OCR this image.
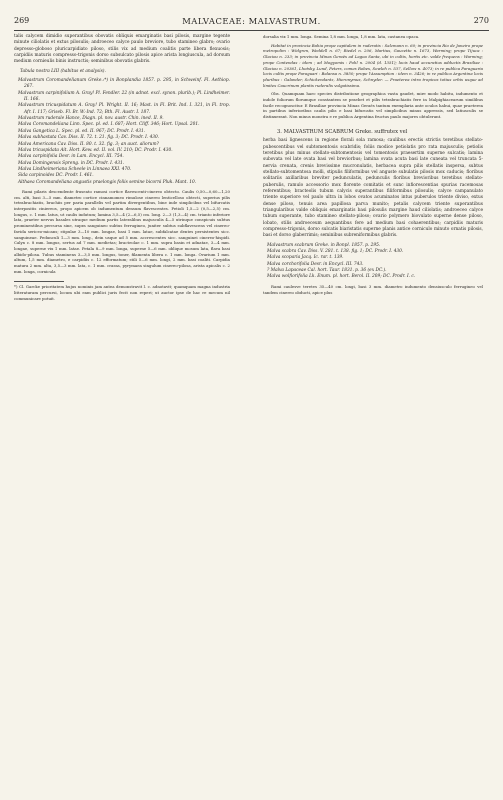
269	MALVACEAE: MALVASTRUM.	270

talis calycem dimidio superantibus obovatis obliquis emarginatis basi pilosis, margine tegente minute ciliolatis et extus pilosulis; androeceo calyce paulo breviore, tubo stamineo glabro; ovario depresso-globoso pluricarpidiato piloso, stilis vix ad medium coalitis parte libera flexuosis; carpidiis maturis compresso-trigonis dorso subsulcato pilosis apice arista longiuscula, ad dorsum medium cornieulis binis instructis; seminibus obovatis glabris.

Tabula nostra LIII (habitus et analysis).

Malvastrum Coromandelianum Greke.:*) in Bonplandia 1857. p. 295, in Schweinf. Fl. Aethiop. 267.

Malvastrum carpinifolium A. Gray! Pl. Fendler. 22 (in adnot. excl. synon. plurib.); Pl. Lindheimer. II. 166.

Malvastrum tricuspidatum A. Gray! Pl. Wright. II. 16; Mast. in Fl. Brit. Ind. I. 321, in Fl. trop. Afr. I. 117; Griseb. Fl. Br. W.-Ind. 72; Bth. Fl. Austr. I. 187.

Malvastrum ruderale Hance, Diagn. pl. nov. austr. Chin. ined. II. 9.

Malva Coromandeliana Linn. Spec. pl. ed. I. 687; Hort. Cliff. 346; Hort. Upsal. 201.

Malva Gangetica L. Spec. pl. ed. II. 967; DC. Prodr. I. 431.

Malva subhastata Cav. Diss. II. 72. t. 21. fig. 3; DC. Prodr. I. 430.

Malva Americana Cav. Diss. II. 80. t. 32. fig. 3; an auct. aliorum?

Malva tricuspidata Ait. Hort. Kew. ed. II. vol. IV. 210; DC. Prodr. I. 430.

Malva carpinifolia Desr. in Lam. Encycl. III. 754.

Malva Domingensis Spreng. in DC. Prodr. I. 431.

Malva Lindheimeriana Scheele in Linnaea XXI. 470.

Sida carpinoides DC. Prodr. I. 461.

Althaea Coromandeliana angustis praelongis foliis semine bicorni Pluk. Mant. 10.

Rami pilaris descendente fruseato ramosi cortice flavescenti-cinereo obtecto. Caulis 0,50—0,60—1,20 cm. alti, basi 3—5 mm. diametro cortice cinnamomeo rimulose cinereo lenticelloso obtecti, superius pilis tetrabrachiatis, brachiis per paria parallelis vel partim divergentibus, bine inde simplicibus vel bifurcatis interpositis ciniereos, propo apicem ob indumentum densum flavescentes. Petioli 1,5—2 (0,5—2,5) cm. longus, c. 1 mm. latus, ut caulis indutum; lamina 3,5—4 (2—6,5) cm. long. 2—3 (1,3—4) cm. trianto inferiore lata, praeter nervus basales utraque medium partis lateralibus majusculis 4—5 utrinque conspicuis subtus prominentibus percursa sine, supra sanguineo subtus ferrugineo, juniter subtus subflavescens vel cinereo-favida sericeo-micans; stipulae 3—10 mm. longae, basi 1 mm. latae, subfalcatae dentes persistentes sicc. sanguineae. Pedunculi 1—3 mm. long., dein usque ad 5 mm. accrescentes sicc. sanguinei cinereo-hispidi. Calyx c. 8 mm. longus, sertus ad 7 mm. medietas; bracteolae c. 1 mm. supra basin et adnatae, 3—4 mm. longae, superne vix 1 mm. latae. Petala 8—9 mm. longa, superne 5—6 mm. oblique mosum lata, flava basi albido-pilosa. Tubus staminens 3—3,5 mm. longus, toner, filamenta libera c. 1 mm. longa. Ovarium 1 mm. altum, 1,5 mm. diametro, e carpidiis c. 12 efformatum; stili 5—6 mm. longi, 2 mm. basi coaliti. Carpidia matura 2 mm. alta, 3,5—3 mm. lata, c. 1 mm. crassa, pyrymaea singulum cinereo-pilosa, arista apicalis c. 2 mm. longa, cornicula

*) Cl. Garcke prioritatem hujus nominis jam antea demonstravit l. c. adnotavit; quamquam magna industria litteraturam percursi, locum ubi eam publici juris fecit non reperi; ut auctor ipse de hac re mecum nil communicare potuit.

dorsalia vix 1 mm. longa. Semina 1,8 mm. longa, 1,8 mm. lata, castanea opaca.

Habitat in provincia Bahia prope capitalem in ruderatis : Salzmann n. 60; in provincia Rio de Janeiro prope metropolim : Widgren, Weddell n. 67; Riedel n. 206, Martius, Gaucetto n. 1673, Warming; prope Tijuca : Glaziou n. 233; in provincia Minas Geraës ad Lagoa Santa, ubi in cultis, hortis etc. valde frequens : Warming; prope Contendas : idem ; ad Mogyomis : Pohl n. 2004 (d. 1351); locis haud accuratius adductis Brasiliae : Glaziou n. 20361, Lhotsky, Lund, Peters, comes Robes, Sowleh n. 537, Sellow n. 4073; in re publica Paraguaria locis cultis prope Paraguari : Balansa n. 3850; prope l'Assumption : idem n. 3426; in re publica Argentina locis pluribus : Galander, Schickendantz, Hieronymus, Schnyder. — Praeterea intra tropicos totius orbis usque ad limites Caucrinum plantis ruderalis vulgatissima.

Obs. Quamquam haec species distributione geographica vasta gaudet, mire modo habitu, indumento et indole foliorum florumque constantem se praebet et pilis tetrabrachiatis fere in Malpighiacearum similibus facile recognoscitur. E Brasiliae provincia Minas Geraës tantum exemplaria ante oculos habui, quae praeterea in partibus inferioribus caulis pilis e basi bifurcatis vel simplicibus minus appressis, sed latiusculis se distinxerant. Non minus monstra e re publica Argentina fructus paulo majores obtulerunt.

3. MALVASTRUM SCABRUM Greke. suffrutex vel

herba basi lignescens in regione florali sola ramosa; caulibus erectis strictis teretibus stellato-pubescentibus vel subtomentosis scabridis; foliis modice petiolatis pro rata majusculis; petiolis teretibus plus minus stellato-subtomentosis vel tomentosis praesertim superne sulcatis; lamina subovata vel late ovata basi vel breviorbus; lamina ovata acuta basi late cuneata vel truncata 5-nervia crenata, crenis brevissime mucronulatis, herbacea supra pilis stellatis inspersa, subtus stellato-subtomentosa molli, stipulis filiformibus vel anguste subulatis pilosis mox caducis; floribus solitariis axillaribus breviter pedunculatis, pedunculis floribus brevioribus teretibus stellato-puberulis, ramulo accessorio mox florente comitatis et sunc infiorescentias spurias racemosas referentibus; bracteolis tubum calycis superantibus filiformibus pilosulis; calyce campanulato triente superiore vel paulo ultra in lobos ovatos acuminatos intus puberulos triente diviso, extus dense piloso, tenuis area papillosa parva munito; petalis calycem triente superantibus triangularibus valde obliquis emarginatis basi pilosulis margine haud ciliolatis; androeceo calyce tubum superante, tubo stamineo stellato-piloso; ovario polymero biovulato superne dense piloso, lobato, stilis androeceum aequantibus fere ad medium basi cohaerentibus; carpidiis maturis compresso-trigonis, dorso sulcatis biaristatis superne planis antice corniculo minuto ornatis pilosis, basi et dorso glaberrimis; seminibus subreniformibus glabris.

Malvastrum scabrum Greke. in Bonpl. 1857. p. 295.

Malva scabra Cav. Diss. V. 281. t. 138. fig. 1; DC. Prodr. I. 430.

Malva scoparia Jacq. Ic. rar. t. 139.

Malva corchorifolia Desr. in Encycl. III. 743.

? Malva Lapaceae Cal. hort. Taur. 1831. p. 36 (ex DC.).

Malva wolfiorifolia Lk. Enum. pl. hort. Berol. II. 209; DC. Prodr. I. c.

Rami caulesve teretes 35—40 cm. longi, basi 3 mm. diametro indumento densiusculo ferrugineo vel tandem cinereo obducti, apice plus
